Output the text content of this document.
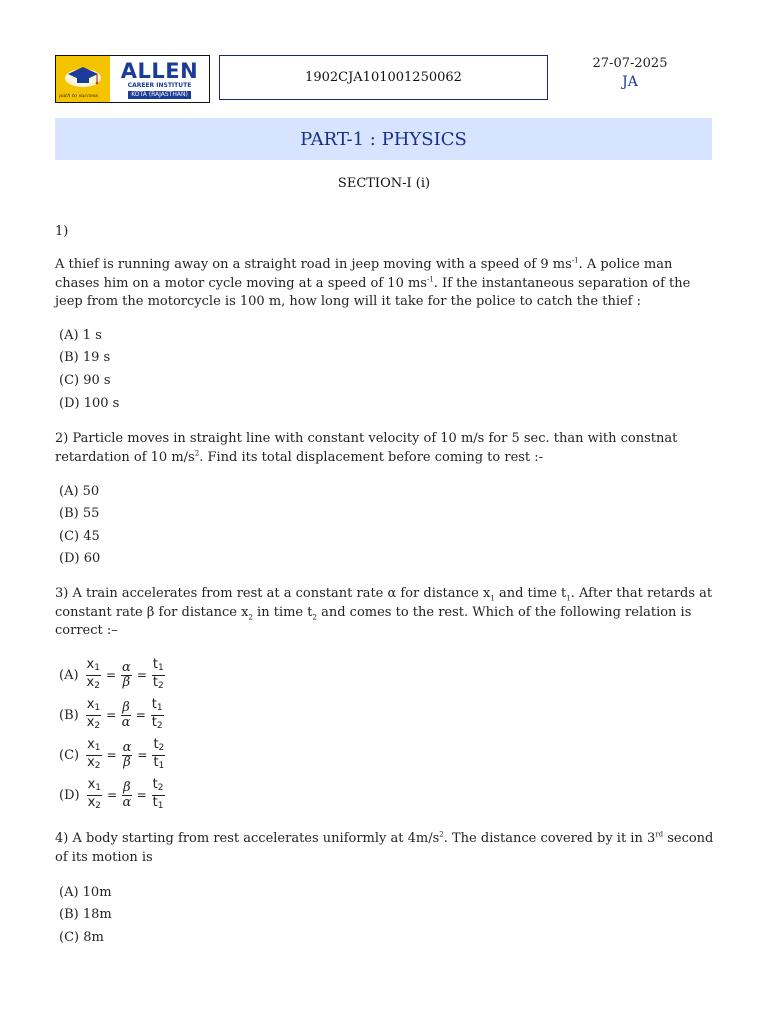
path to success
ALLEN
CAREER INSTITUTE
KOTA (RAJASTHAN)
1902CJA101001250062
27-07-2025
JA
PART-1 : PHYSICS
SECTION-I (i)
1)
A thief is running away on a straight road in jeep moving with a speed of 9 $ms^{-1}$. A police man chases him on a motor cycle moving at a speed of 10 $ms^{-1}$. If the instantaneous separation of the jeep from the motorcycle is 100 m, how long will it take for the police to catch the thief :
(A) 1 s
(B) 19 s
(C) 90 s
(D) 100 s
2) Particle moves in straight line with constant velocity of 10 m/s for 5 sec. than with constnat retardation of 10 $m/s^2$. Find its total displacement before coming to rest :-
(A) 50
(B) 55
(C) 45
(D) 60
3) A train accelerates from rest at a constant rate α for distance $x_1$ and time $t_1$. After that retards at constant rate β for distance $x_2$ in time $t_2$ and comes to the rest. Which of the following relation is correct :–
$(A) \frac{x1}{x2} = \frac{\alpha}{\beta} = \frac{t1}{t2}$
$(B) \frac{x1}{x2} = \frac{\beta}{\alpha} = \frac{t1}{t2}$
$(C) \frac{x1}{x2} = \frac{\alpha}{\beta} = \frac{t2}{t1}$
$(D) \frac{x1}{x2} = \frac{\beta}{\alpha} = \frac{t2}{t1}$
4) A body starting from rest accelerates uniformly at $4m/s^2$. The distance covered by it in 3rd second of its motion is
(A) 10m
(B) 18m
(C) 8m
